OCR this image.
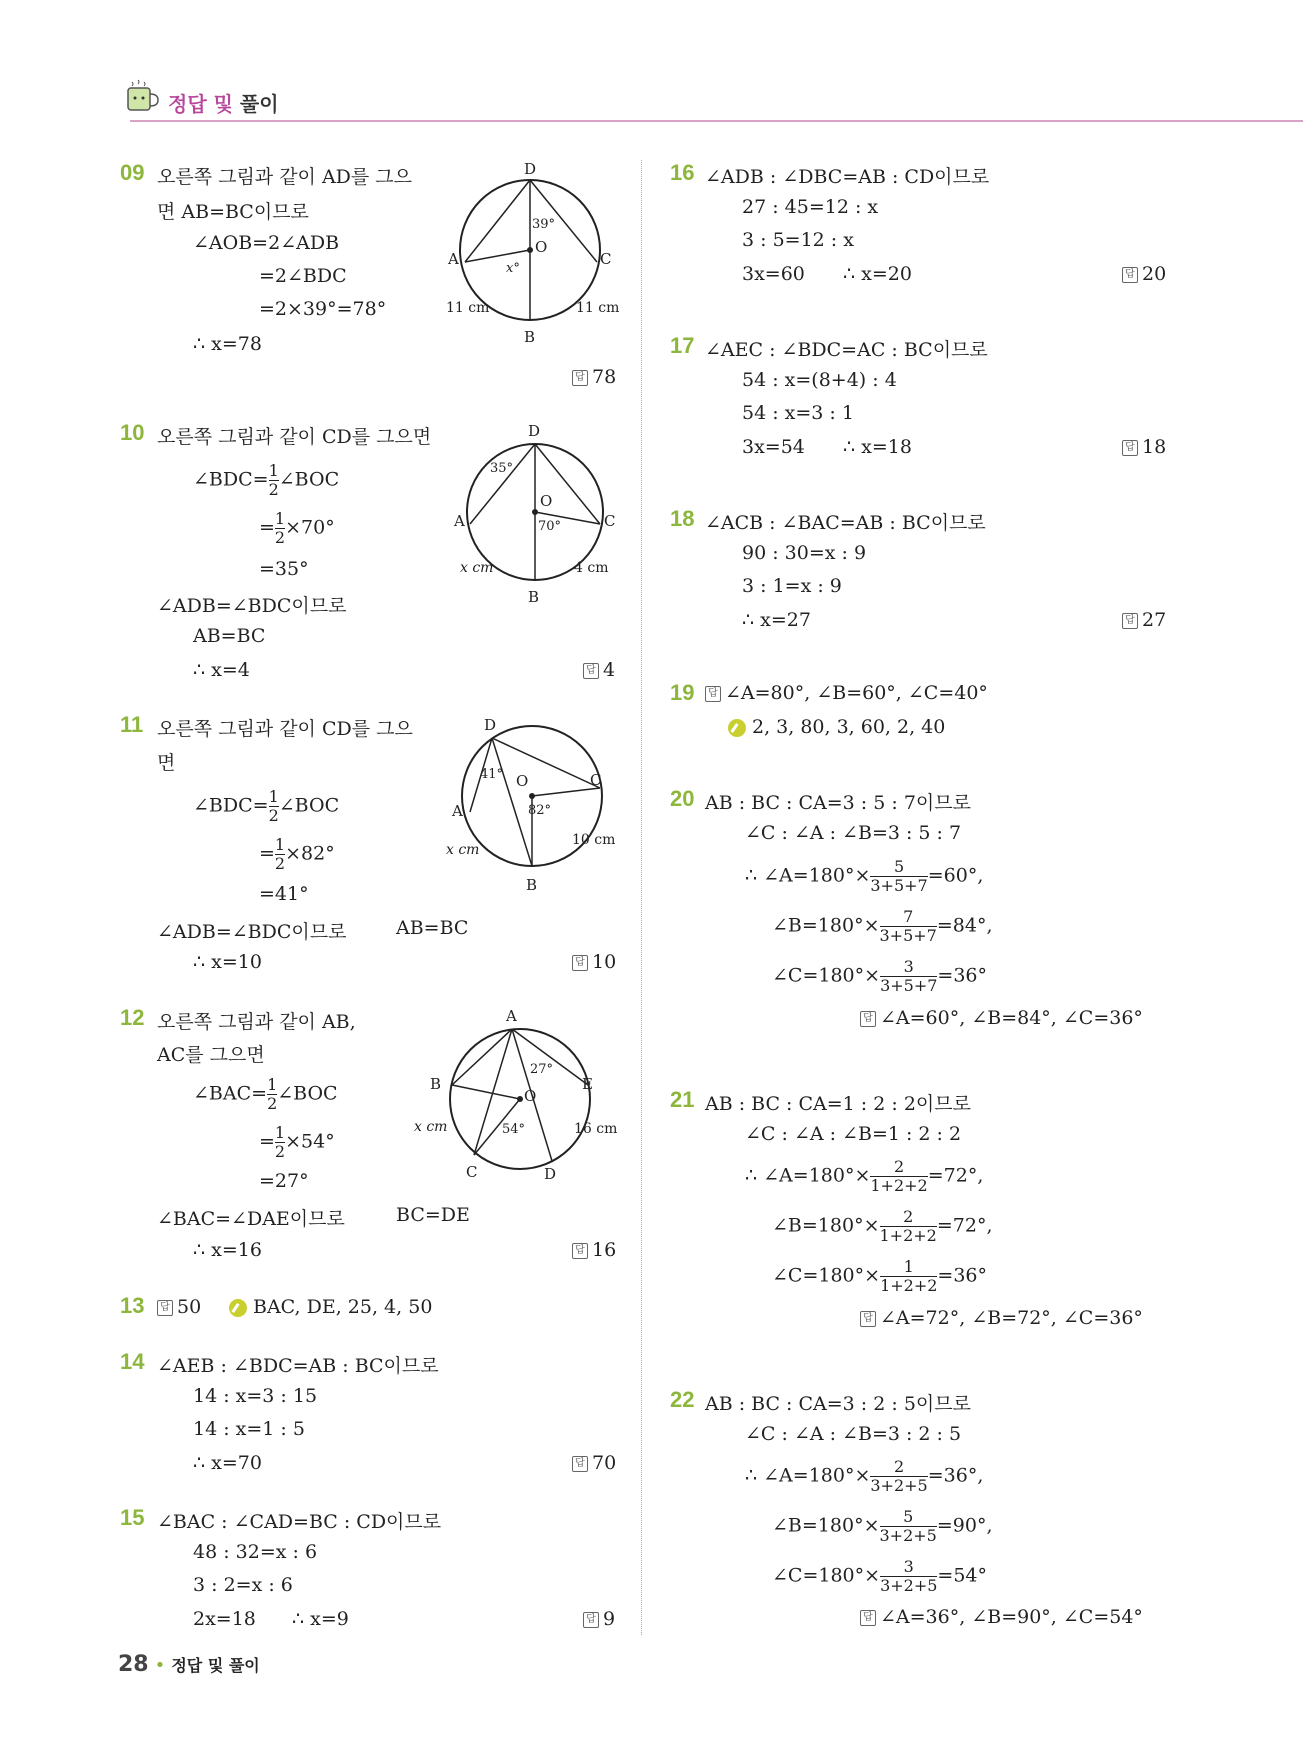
정답 및 풀이
09 오른쪽 그림과 같이 AD를 그으
면 AB=BC이므로
∠AOB=2∠ADB
=2∠BDC
=2×39°=78°
∴ x=78
답 78
D
A	C
B
O
39°
x°
11 cm	11 cm
10 오른쪽 그림과 같이 CD를 그으면
∠BDC= $\frac{1}{2}$ ∠BOC
= $\frac{1}{2} \times 70^\circ$
=35°
∠ADB=∠BDC이므로
AB=BC
∴ x=4	답 4
D
A	C
B
O
35°
70°
x cm	4 cm
11 오른쪽 그림과 같이 CD를 그으
면
∠BDC= $\frac{1}{2}$ ∠BOC
= $\frac{1}{2} \times 82^\circ$
=41°
∠ADB=∠BDC이므로	AB=BC
∴ x=10	답 10
D
A
C
B
O
41°
82°
x cm
10 cm
12 오른쪽 그림과 같이 AB,
AC를 그으면
∠BAC= $\frac{1}{2}$ ∠BOC
= $\frac{1}{2} \times 54^\circ$
=27°
∠BAC=∠DAE이므로	BC=DE
∴ x=16	답 16
A
B	E
C	D
O
27°
54°
x cm	16 cm
13	답 50	BAC, DE, 25, 4, 50
14 ∠AEB : ∠BDC=AB : BC이므로
14 : x=3 : 15
14 : x=1 : 5
∴ x=70	답 70
15 ∠BAC : ∠CAD=BC : CD이므로
48 : 32=x : 6
3 : 2=x : 6
2x=18 ∴ x=9	답 9
16 ∠ADB : ∠DBC=AB : CD이므로
27 : 45=12 : x
3 : 5=12 : x
3x=60 ∴ x=20	답 20
17 ∠AEC : ∠BDC=AC : BC이므로
54 : x=(8+4) : 4
54 : x=3 : 1
3x=54 ∴ x=18	답 18
18 ∠ACB : ∠BAC=AB : BC이므로
90 : 30=x : 9
3 : 1=x : 9
∴ x=27	답 27
19	답 ∠A=80°, ∠B=60°, ∠C=40°
2, 3, 80, 3, 60, 2, 40
20 AB : BC : CA=3 : 5 : 7이므로
∠C : ∠A : ∠B=3 : 5 : 7
∴ ∠A=180°× $\frac{5}{3+5+7} =60^\circ$,
∠B=180°× $\frac{7}{3+5+7} =84^\circ$,
∠C=180°× $\frac{3}{3+5+7} =36^\circ$
답 ∠A=60°, ∠B=84°, ∠C=36°
21 AB : BC : CA=1 : 2 : 2이므로
∠C : ∠A : ∠B=1 : 2 : 2
∴ ∠A=180°× $\frac{2}{1+2+2} =72^\circ$,
∠B=180°× $\frac{2}{1+2+2} =72^\circ$,
∠C=180°× $\frac{1}{1+2+2} =36^\circ$
답 ∠A=72°, ∠B=72°, ∠C=36°
22 AB : BC : CA=3 : 2 : 5이므로
∠C : ∠A : ∠B=3 : 2 : 5
∴ ∠A=180°× $\frac{2}{3+2+5} =36^\circ$,
∠B=180°× $\frac{5}{3+2+5} =90^\circ$,
∠C=180°× $\frac{3}{3+2+5} =54^\circ$
답 ∠A=36°, ∠B=90°, ∠C=54°
28 • 정답 및 풀이
